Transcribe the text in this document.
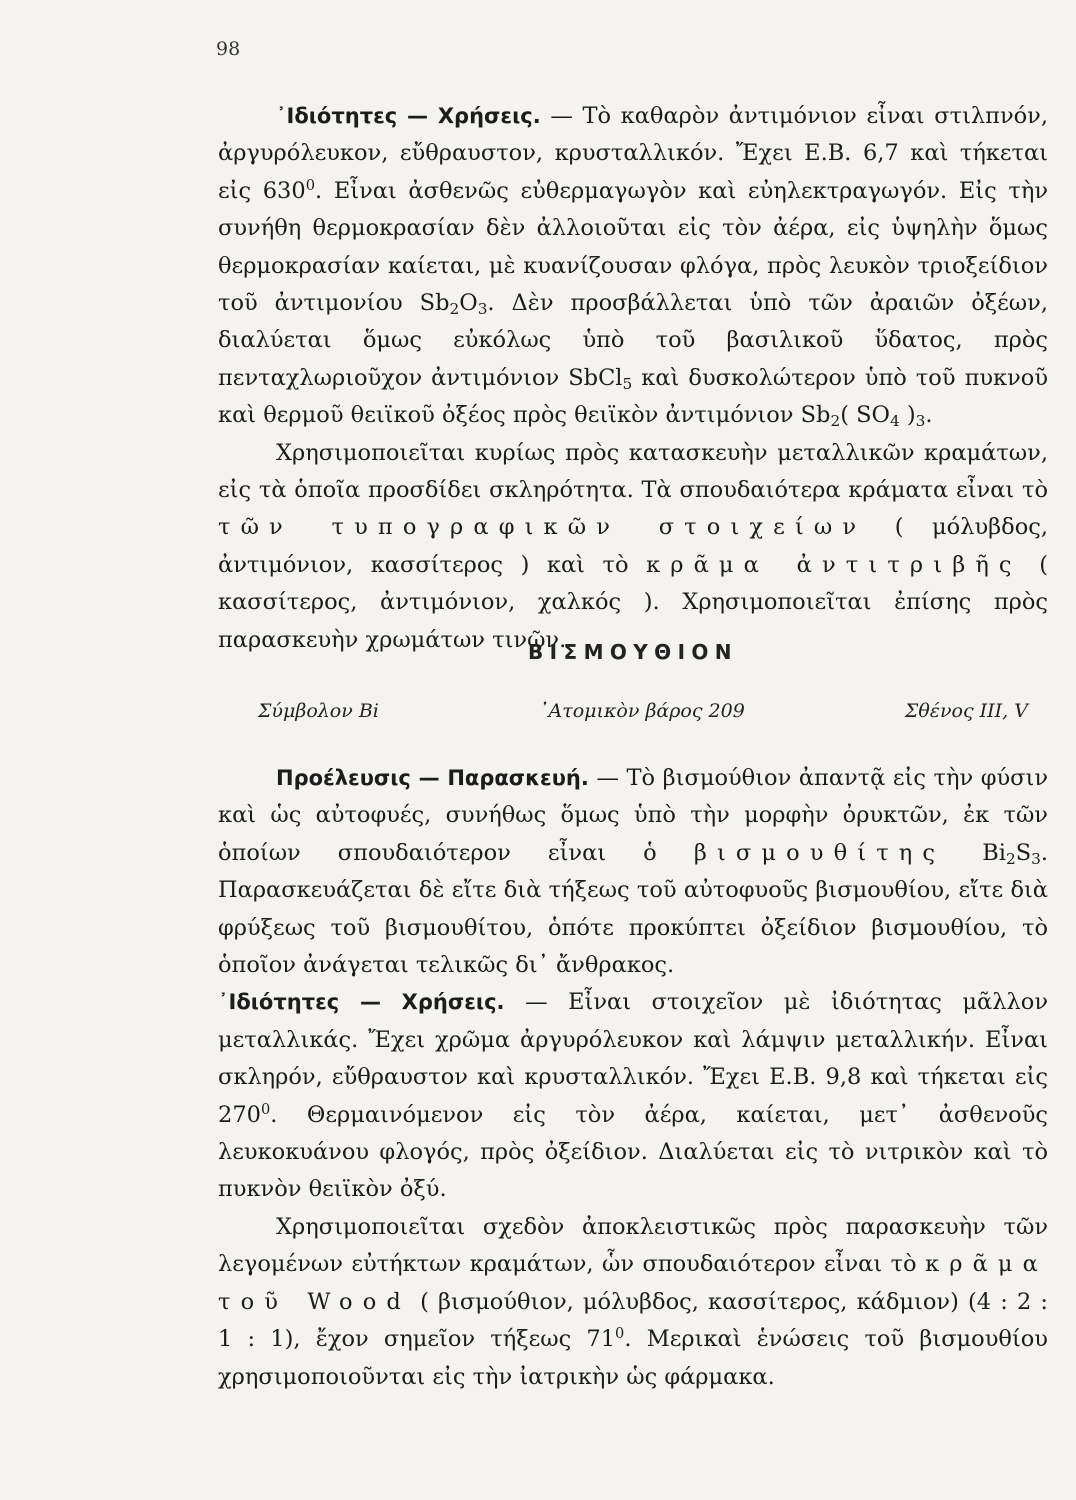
98

᾿Ιδιότητες — Χρήσεις. — Τὸ καθαρὸν ἀντιμόνιον εἶναι στιλπνόν, ἀργυρόλευκον, εὔθραυστον, κρυσταλλικόν. Ἔχει Ε.Β. 6,7 καὶ τήκεται εἰς $630^0$. Εἶναι ἀσθενῶς εὐθερμαγωγὸν καὶ εὐηλεκτραγωγόν. Εἰς τὴν συνήθη θερμοκρασίαν δὲν ἀλλοιοῦται εἰς τὸν ἀέρα, εἰς ὑψηλὴν ὅμως θερμοκρασίαν καίεται, μὲ κυανίζουσαν φλόγα, πρὸς λευκὸν τριοξείδιον τοῦ ἀντιμονίου $Sb_2O_3$. Δὲν προσβάλλεται ὑπὸ τῶν ἀραιῶν ὀξέων, διαλύεται ὅμως εὐκόλως ὑπὸ τοῦ βασιλικοῦ ὕδατος, πρὸς πενταχλωριοῦχον ἀντιμόνιον SbCl$_5$ καὶ δυσκολώτερον ὑπὸ τοῦ πυκνοῦ καὶ θερμοῦ θειϊκοῦ ὀξέος πρὸς θειϊκὸν ἀντιμόνιον $Sb_2$( $SO_4$ )$_3$.

Χρησιμοποιεῖται κυρίως πρὸς κατασκευὴν μεταλλικῶν κραμάτων, εἰς τὰ ὁποῖα προσδίδει σκληρότητα. Τὰ σπουδαιότερα κράματα εἶναι τὸ τῶν τυπογραφικῶν στοιχείων ( μόλυβδος, ἀντιμόνιον, κασσίτερος ) καὶ τὸ κρᾶμα ἀντιτριβῆς ( κασσίτερος, ἀντιμόνιον, χαλκός ). Χρησιμοποιεῖται ἐπίσης πρὸς παρασκευὴν χρωμάτων τινῶν.

ΒΙΣΜΟΥΘΙΟΝ
Σύμβολον Bi	᾿Ατομικὸν βάρος 209	Σθένος III, V

Προέλευσις — Παρασκευή. — Τὸ βισμούθιον ἀπαντᾷ εἰς τὴν φύσιν καὶ ὡς αὐτοφυές, συνήθως ὅμως ὑπὸ τὴν μορφὴν ὀρυκτῶν, ἐκ τῶν ὁποίων σπουδαιότερον εἶναι ὁ βισμουθίτης $Bi_2S_3$. Παρασκευάζεται δὲ εἴτε διὰ τήξεως τοῦ αὐτοφυοῦς βισμουθίου, εἴτε διὰ φρύξεως τοῦ βισμουθίτου, ὁπότε προκύπτει ὀξείδιον βισμουθίου, τὸ ὁποῖον ἀνάγεται τελικῶς δι᾿ ἄνθρακος.

᾿Ιδιότητες — Χρήσεις. — Εἶναι στοιχεῖον μὲ ἰδιότητας μᾶλλον μεταλλικάς. Ἔχει χρῶμα ἀργυρόλευκον καὶ λάμψιν μεταλλικήν. Εἶναι σκληρόν, εὔθραυστον καὶ κρυσταλλικόν. Ἔχει Ε.Β. 9,8 καὶ τήκεται εἰς $270^0$. Θερμαινόμενον εἰς τὸν ἀέρα, καίεται, μετ᾿ ἀσθενοῦς λευκοκυάνου φλογός, πρὸς ὀξείδιον. Διαλύεται εἰς τὸ νιτρικὸν καὶ τὸ πυκνὸν θειϊκὸν ὀξύ.

Χρησιμοποιεῖται σχεδὸν ἀποκλειστικῶς πρὸς παρασκευὴν τῶν λεγομένων εὐτήκτων κραμάτων, ὧν σπουδαιότερον εἶναι τὸ κρᾶμα τοῦ Wood ( βισμούθιον, μόλυβδος, κασσίτερος, κάδμιον) (4 : 2 : 1 : 1), ἔχον σημεῖον τήξεως $71^0$. Μερικαὶ ἑνώσεις τοῦ βισμουθίου χρησιμοποιοῦνται εἰς τὴν ἰατρικὴν ὡς φάρμακα.
